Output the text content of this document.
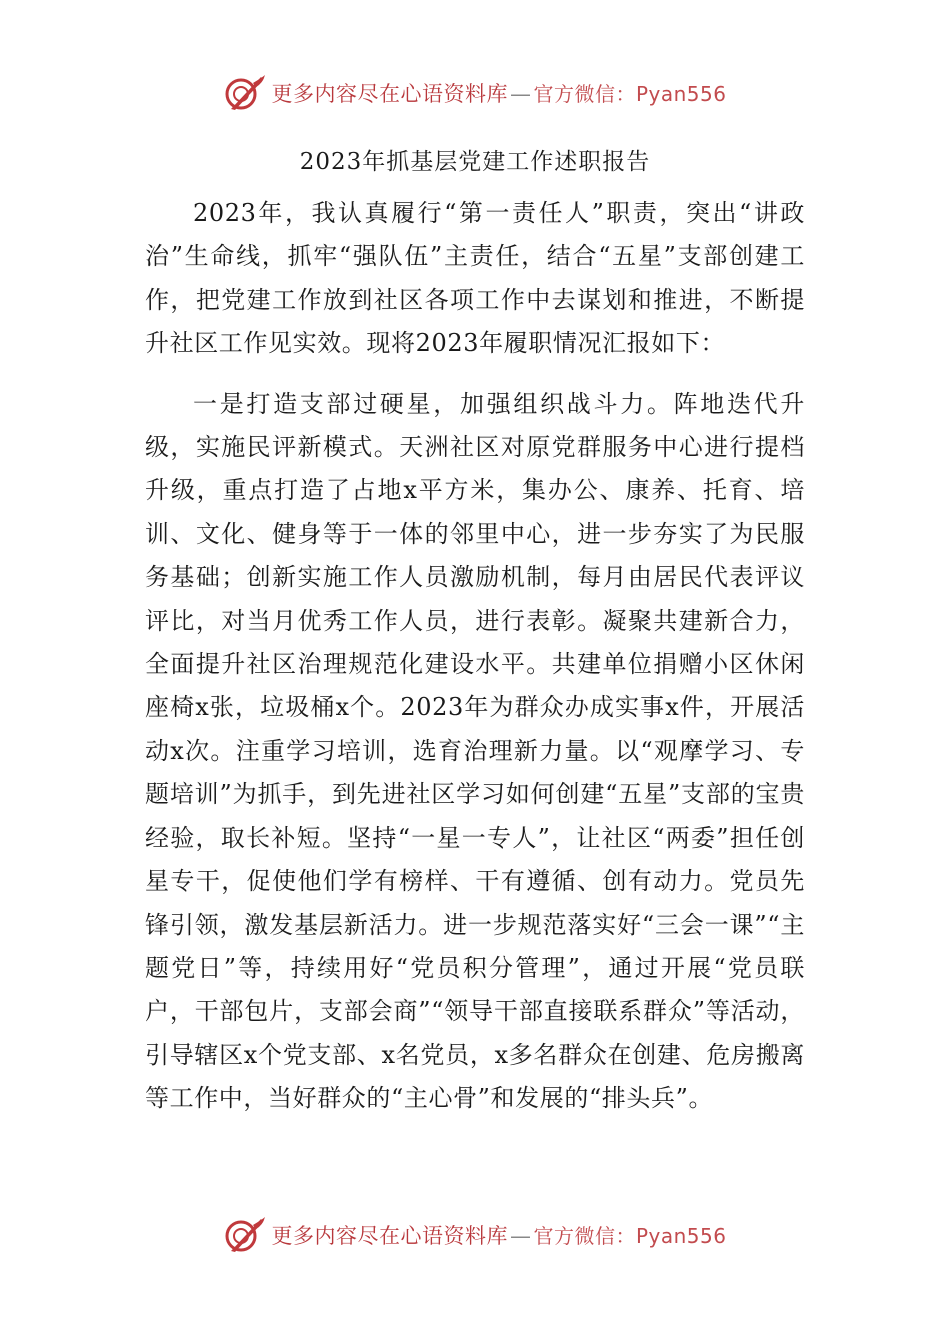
更多内容尽在心语资料库— 官方微信：Pyan556
2023年抓基层党建工作述职报告

2023年，我认真履行“第一责任人”职责，突出“讲政治”生命线，抓牢“强队伍”主责任，结合“五星”支部创建工作，把党建工作放到社区各项工作中去谋划和推进，不断提升社区工作见实效。现将2023年履职情况汇报如下：

一是打造支部过硬星，加强组织战斗力。阵地迭代升级，实施民评新模式。天洲社区对原党群服务中心进行提档升级，重点打造了占地x平方米，集办公、康养、托育、培训、文化、健身等于一体的邻里中心，进一步夯实了为民服务基础；创新实施工作人员激励机制，每月由居民代表评议评比，对当月优秀工作人员，进行表彰。凝聚共建新合力，全面提升社区治理规范化建设水平。共建单位捐赠小区休闲座椅x张，垃圾桶x个。2023年为群众办成实事x件，开展活动x次。注重学习培训，选育治理新力量。以“观摩学习、专题培训”为抓手，到先进社区学习如何创建“五星”支部的宝贵经验，取长补短。坚持“一星一专人”，让社区“两委”担任创星专干，促使他们学有榜样、干有遵循、创有动力。党员先锋引领，激发基层新活力。进一步规范落实好“三会一课”“主题党日”等，持续用好“党员积分管理”，通过开展“党员联户，干部包片，支部会商”“领导干部直接联系群众”等活动，引导辖区x个党支部、x名党员，x多名群众在创建、危房搬离等工作中，当好群众的“主心骨”和发展的“排头兵”。

更多内容尽在心语资料库— 官方微信：Pyan556
